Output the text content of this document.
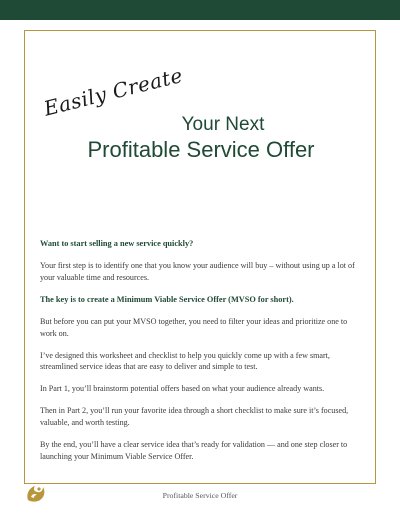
Easily Create
Your Next
Profitable Service Offer

Want to start selling a new service quickly?

Your first step is to identify one that you know your audience will buy – without using up a lot of your valuable time and resources.

The key is to create a Minimum Viable Service Offer (MVSO for short).

But before you can put your MVSO together, you need to filter your ideas and prioritize one to work on.

I’ve designed this worksheet and checklist to help you quickly come up with a few smart, streamlined service ideas that are easy to deliver and simple to test.

In Part 1, you’ll brainstorm potential offers based on what your audience already wants.

Then in Part 2, you’ll run your favorite idea through a short checklist to make sure it’s focused, valuable, and worth testing.

By the end, you’ll have a clear service idea that’s ready for validation — and one step closer to launching your Minimum Viable Service Offer.

Profitable Service Offer
